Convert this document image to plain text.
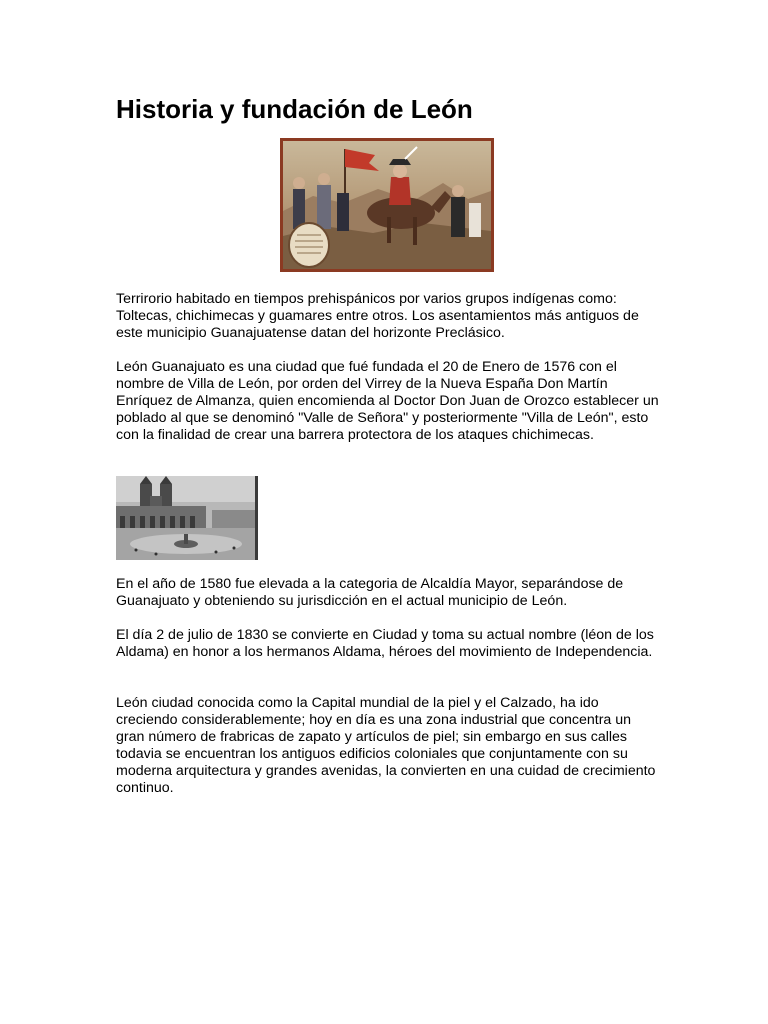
Historia y fundación de León

Terrirorio habitado en tiempos prehispánicos por varios grupos indígenas como: Toltecas, chichimecas y guamares entre otros. Los asentamientos más antiguos de este municipio Guanajuatense datan del horizonte Preclásico.

León Guanajuato es una ciudad que fué fundada el 20 de Enero de 1576 con el nombre de Villa de León, por orden del Virrey de la Nueva España Don Martín Enríquez de Almanza, quien encomienda al Doctor Don Juan de Orozco establecer un poblado al que se denominó "Valle de Señora" y posteriormente "Villa de León", esto con la finalidad de crear una barrera protectora de los ataques chichimecas.

En el año de 1580 fue elevada a la categoria de Alcaldía Mayor, separándose de Guanajuato y obteniendo su jurisdicción en el actual municipio de León.

El día 2 de julio de 1830 se convierte en Ciudad y toma su actual nombre (léon de los Aldama) en honor a los hermanos Aldama, héroes del movimiento de Independencia.

León ciudad conocida como la Capital mundial de la piel y el Calzado, ha ido creciendo considerablemente; hoy en día es una zona industrial que concentra un gran número de frabricas de zapato y artículos de piel; sin embargo en sus calles todavia se encuentran los antiguos edificios coloniales que conjuntamente con su moderna arquitectura y grandes avenidas, la convierten en una cuidad de crecimiento continuo.
